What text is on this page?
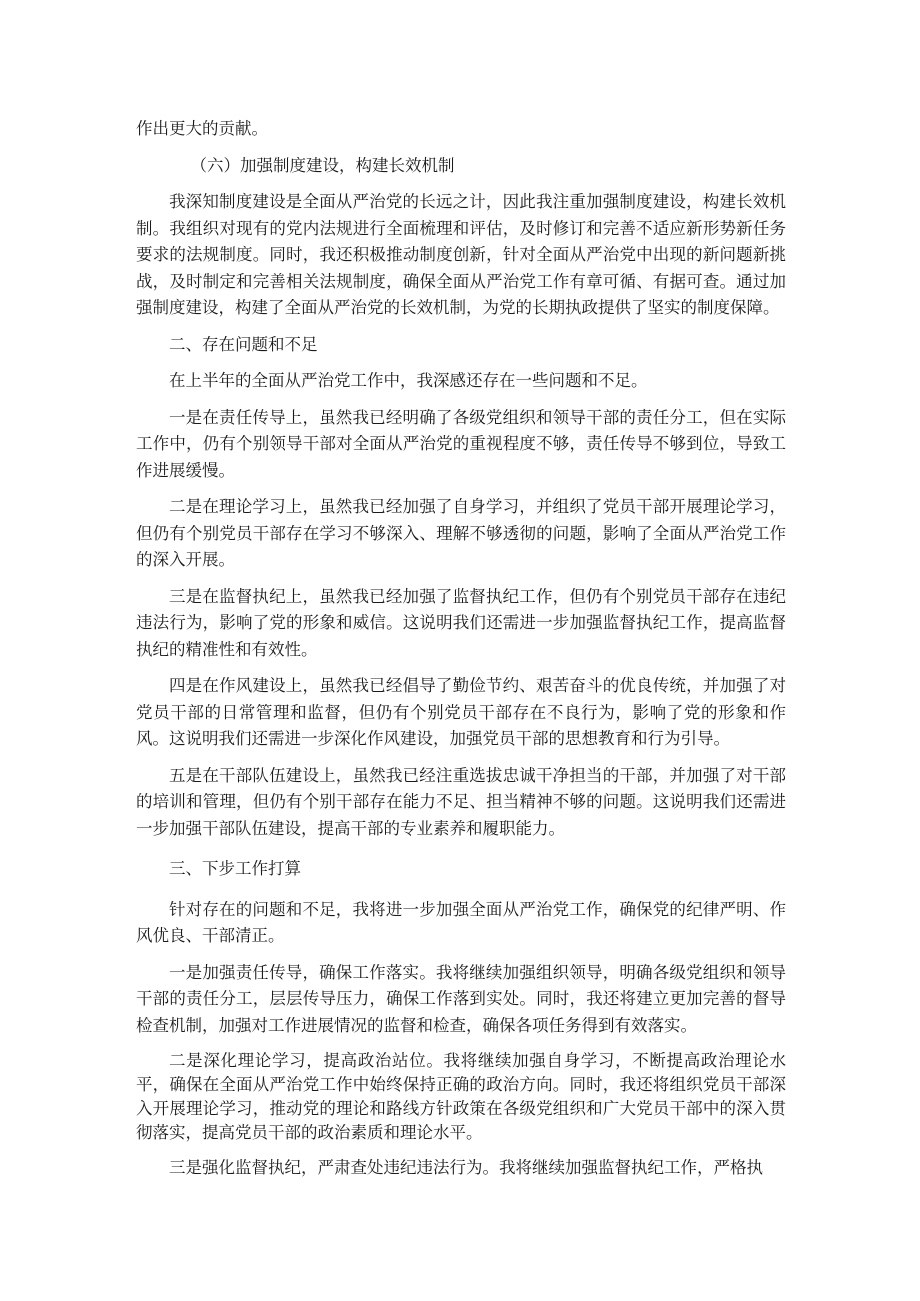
作出更大的贡献。

（六）加强制度建设，构建长效机制

我深知制度建设是全面从严治党的长远之计，因此我注重加强制度建设，构建长效机制。我组织对现有的党内法规进行全面梳理和评估，及时修订和完善不适应新形势新任务要求的法规制度。同时，我还积极推动制度创新，针对全面从严治党中出现的新问题新挑战，及时制定和完善相关法规制度，确保全面从严治党工作有章可循、有据可查。通过加强制度建设，构建了全面从严治党的长效机制，为党的长期执政提供了坚实的制度保障。

二、存在问题和不足

在上半年的全面从严治党工作中，我深感还存在一些问题和不足。

一是在责任传导上，虽然我已经明确了各级党组织和领导干部的责任分工，但在实际工作中，仍有个别领导干部对全面从严治党的重视程度不够，责任传导不够到位，导致工作进展缓慢。

二是在理论学习上，虽然我已经加强了自身学习，并组织了党员干部开展理论学习，但仍有个别党员干部存在学习不够深入、理解不够透彻的问题，影响了全面从严治党工作的深入开展。

三是在监督执纪上，虽然我已经加强了监督执纪工作，但仍有个别党员干部存在违纪违法行为，影响了党的形象和威信。这说明我们还需进一步加强监督执纪工作，提高监督执纪的精准性和有效性。

四是在作风建设上，虽然我已经倡导了勤俭节约、艰苦奋斗的优良传统，并加强了对党员干部的日常管理和监督，但仍有个别党员干部存在不良行为，影响了党的形象和作风。这说明我们还需进一步深化作风建设，加强党员干部的思想教育和行为引导。

五是在干部队伍建设上，虽然我已经注重选拔忠诚干净担当的干部，并加强了对干部的培训和管理，但仍有个别干部存在能力不足、担当精神不够的问题。这说明我们还需进一步加强干部队伍建设，提高干部的专业素养和履职能力。

三、下步工作打算

针对存在的问题和不足，我将进一步加强全面从严治党工作，确保党的纪律严明、作风优良、干部清正。

一是加强责任传导，确保工作落实。我将继续加强组织领导，明确各级党组织和领导干部的责任分工，层层传导压力，确保工作落到实处。同时，我还将建立更加完善的督导检查机制，加强对工作进展情况的监督和检查，确保各项任务得到有效落实。

二是深化理论学习，提高政治站位。我将继续加强自身学习，不断提高政治理论水平，确保在全面从严治党工作中始终保持正确的政治方向。同时，我还将组织党员干部深入开展理论学习，推动党的理论和路线方针政策在各级党组织和广大党员干部中的深入贯彻落实，提高党员干部的政治素质和理论水平。

三是强化监督执纪，严肃查处违纪违法行为。我将继续加强监督执纪工作，严格执
